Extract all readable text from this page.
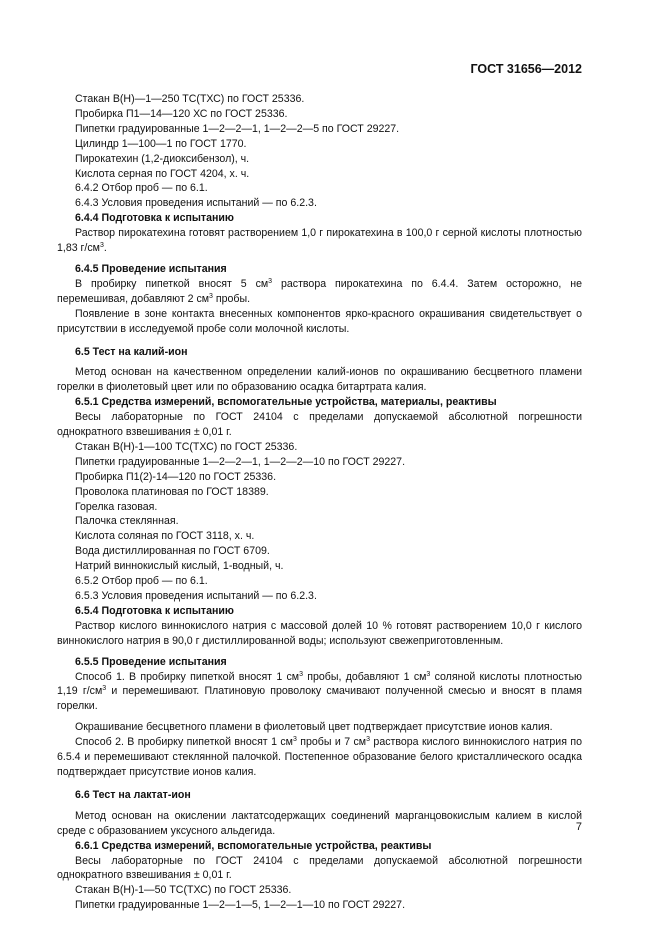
ГОСТ 31656—2012

Стакан В(Н)—1—250 ТС(ТХС) по ГОСТ 25336.

Пробирка П1—14—120 ХС по ГОСТ 25336.

Пипетки градуированные 1—2—2—1, 1—2—2—5 по ГОСТ 29227.

Цилиндр 1—100—1 по ГОСТ 1770.

Пирокатехин (1,2-диоксибензол), ч.

Кислота серная по ГОСТ 4204, х. ч.

6.4.2 Отбор проб — по 6.1.

6.4.3 Условия проведения испытаний — по 6.2.3.

6.4.4 Подготовка к испытанию

Раствор пирокатехина готовят растворением 1,0 г пирокатехина в 100,0 г серной кислоты плотностью 1,83 $г/см^3$.

6.4.5 Проведение испытания

В пробирку пипеткой вносят 5 $см^3$ раствора пирокатехина по 6.4.4. Затем осторожно, не перемешивая, добавляют 2 $см^3$ пробы.

Появление в зоне контакта внесенных компонентов ярко-красного окрашивания свидетельствует о присутствии в исследуемой пробе соли молочной кислоты.

6.5 Тест на калий-ион

Метод основан на качественном определении калий-ионов по окрашиванию бесцветного пламени горелки в фиолетовый цвет или по образованию осадка битартрата калия.

6.5.1 Средства измерений, вспомогательные устройства, материалы, реактивы

Весы лабораторные по ГОСТ 24104 с пределами допускаемой абсолютной погрешности однократного взвешивания ± 0,01 г.

Стакан В(Н)-1—100 ТС(ТХС) по ГОСТ 25336.

Пипетки градуированные 1—2—2—1, 1—2—2—10 по ГОСТ 29227.

Пробирка П1(2)-14—120 по ГОСТ 25336.

Проволока платиновая по ГОСТ 18389.

Горелка газовая.

Палочка стеклянная.

Кислота соляная по ГОСТ 3118, х. ч.

Вода дистиллированная по ГОСТ 6709.

Натрий виннокислый кислый, 1-водный, ч.

6.5.2 Отбор проб — по 6.1.

6.5.3 Условия проведения испытаний — по 6.2.3.

6.5.4 Подготовка к испытанию

Раствор кислого виннокислого натрия с массовой долей 10 % готовят растворением 10,0 г кислого виннокислого натрия в 90,0 г дистиллированной воды; используют свежеприготовленным.

6.5.5 Проведение испытания

Способ 1. В пробирку пипеткой вносят 1 $см^3$ пробы, добавляют 1 $см^3$ соляной кислоты плотностью 1,19 $г/см^3$ и перемешивают. Платиновую проволоку смачивают полученной смесью и вносят в пламя горелки.

Окрашивание бесцветного пламени в фиолетовый цвет подтверждает присутствие ионов калия.

Способ 2. В пробирку пипеткой вносят 1 $см^3$ пробы и 7 $см^3$ раствора кислого виннокислого натрия по 6.5.4 и перемешивают стеклянной палочкой. Постепенное образование белого кристаллического осадка подтверждает присутствие ионов калия.

6.6 Тест на лактат-ион

Метод основан на окислении лактатсодержащих соединений марганцовокислым калием в кислой среде с образованием уксусного альдегида.

6.6.1 Средства измерений, вспомогательные устройства, реактивы

Весы лабораторные по ГОСТ 24104 с пределами допускаемой абсолютной погрешности однократного взвешивания ± 0,01 г.

Стакан В(Н)-1—50 ТС(ТХС) по ГОСТ 25336.

Пипетки градуированные 1—2—1—5, 1—2—1—10 по ГОСТ 29227.

7
